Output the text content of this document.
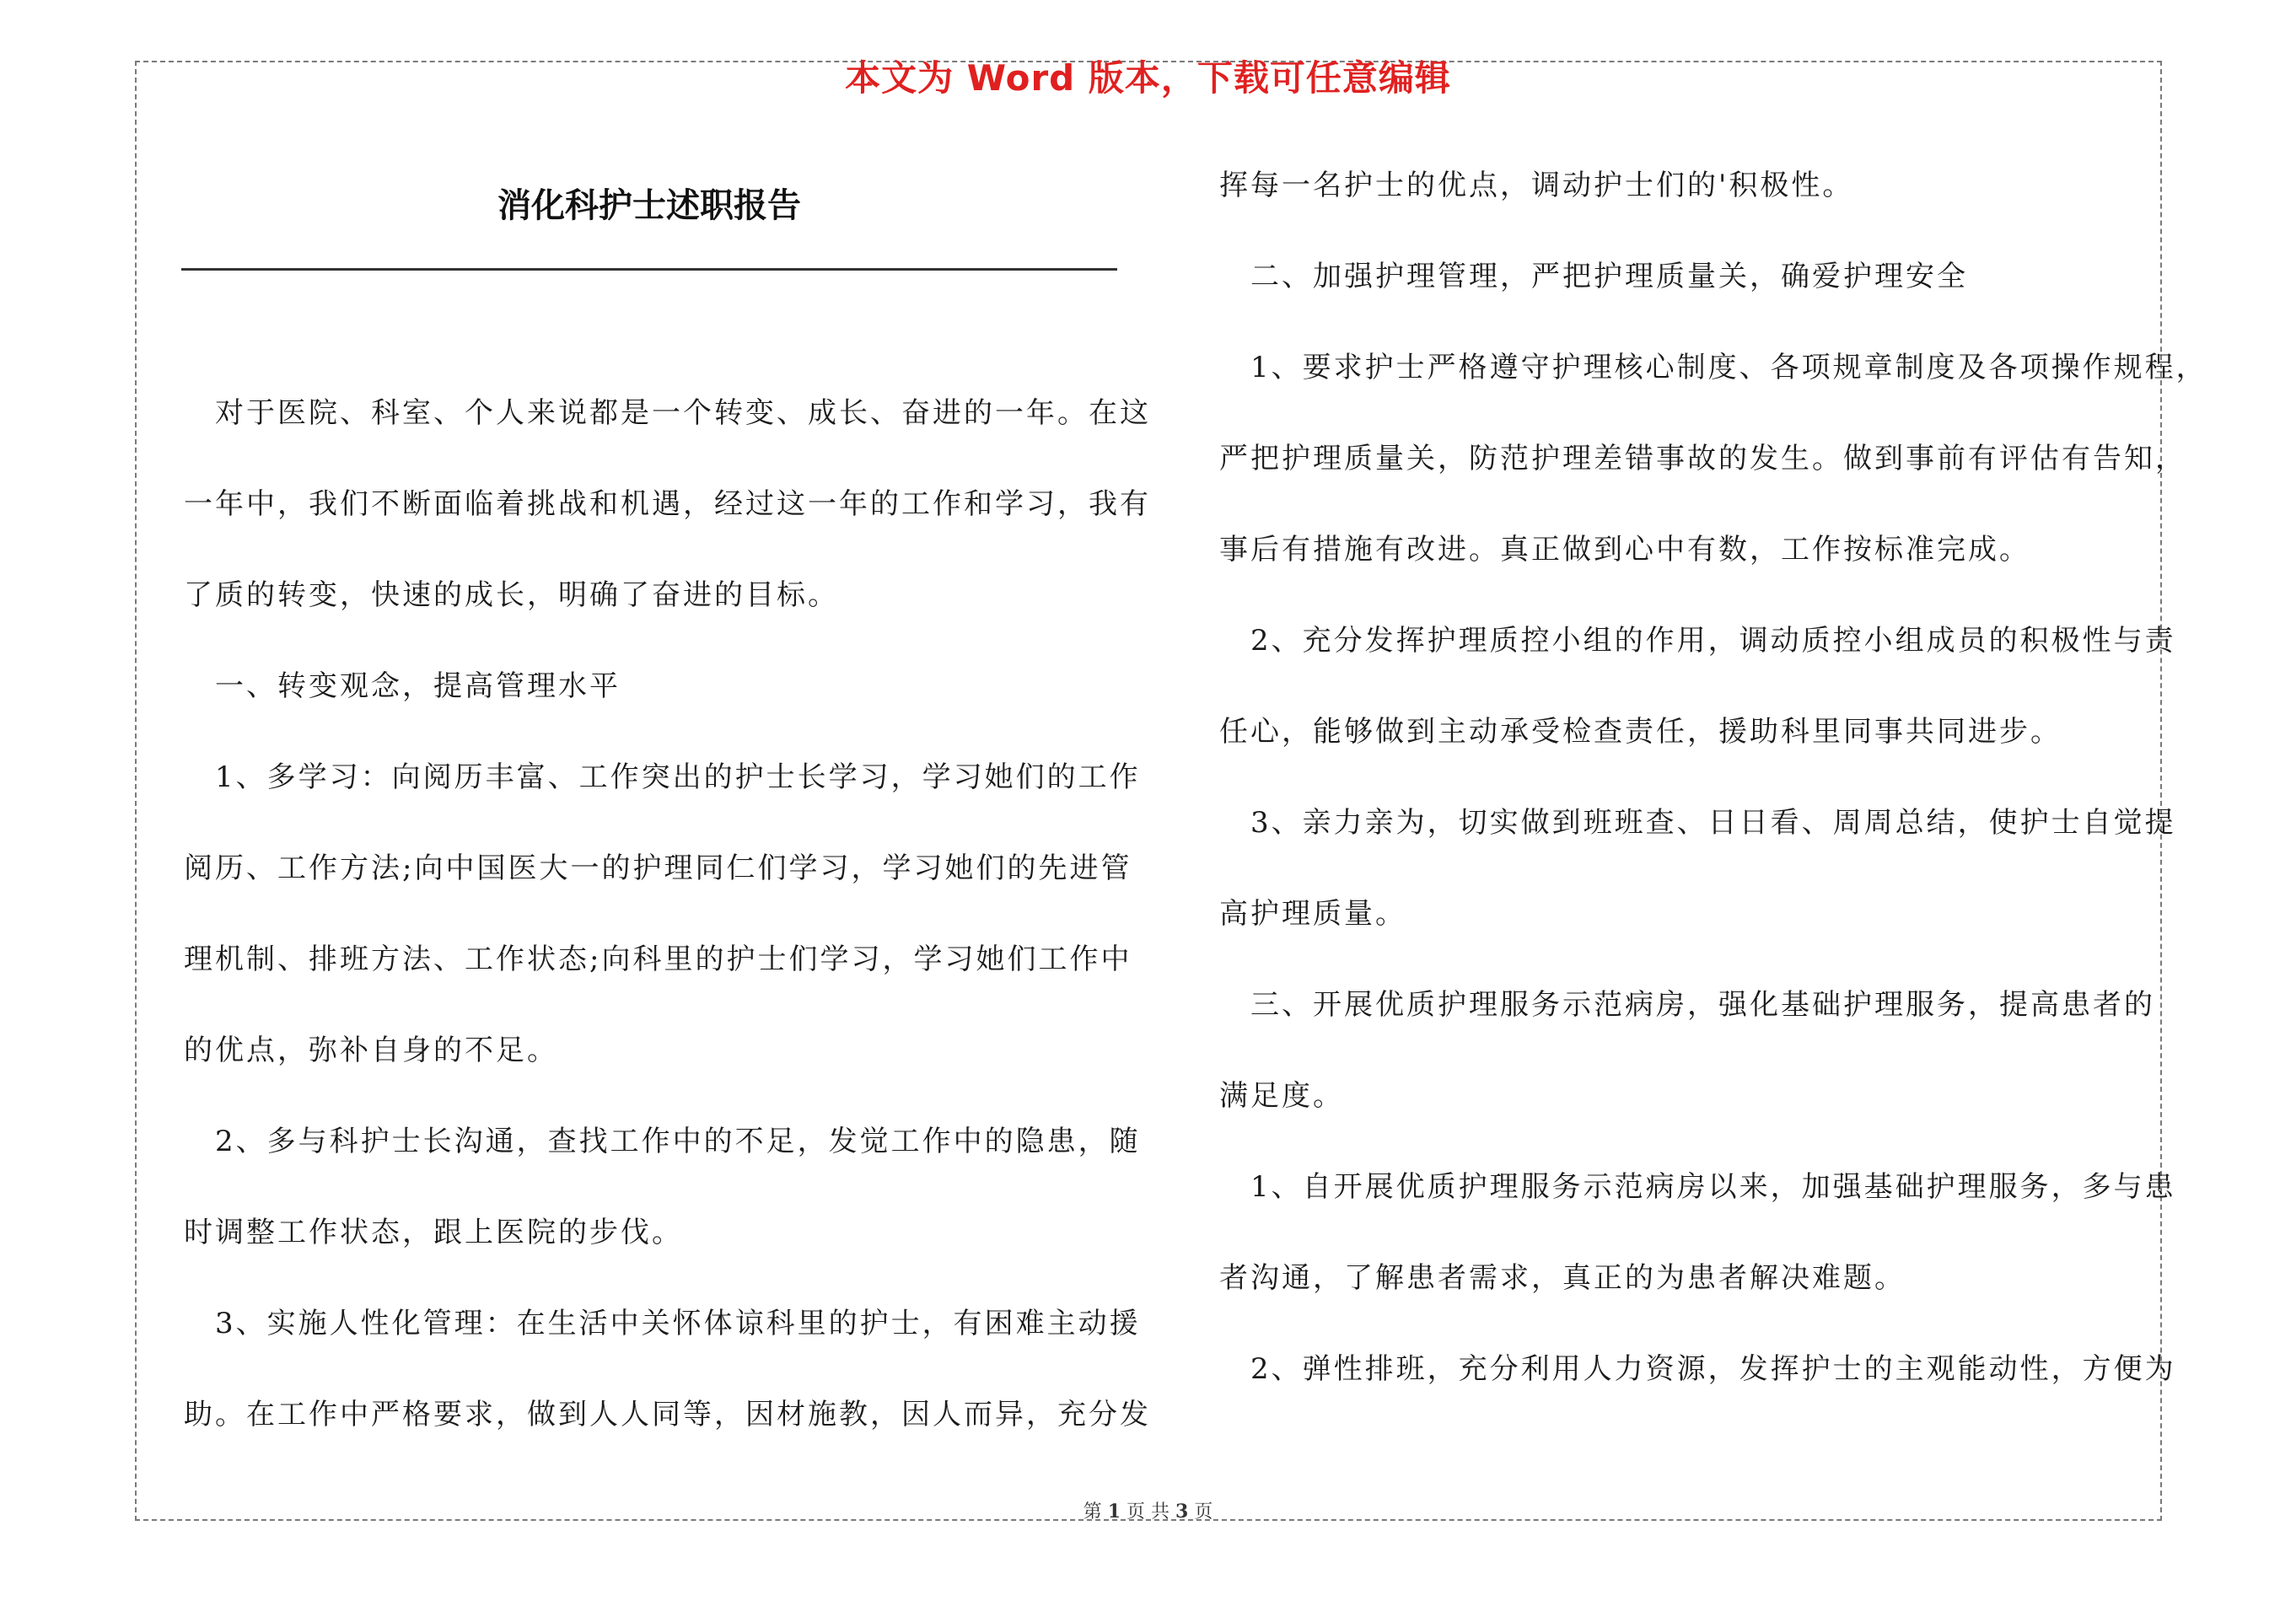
本文为 Word 版本，下载可任意编辑
消化科护士述职报告
　对于医院、科室、个人来说都是一个转变、成长、奋进的一年。在这
一年中，我们不断面临着挑战和机遇，经过这一年的工作和学习，我有
了质的转变，快速的成长，明确了奋进的目标。
　一、转变观念，提高管理水平
　1、多学习：向阅历丰富、工作突出的护士长学习，学习她们的工作
阅历、工作方法;向中国医大一的护理同仁们学习，学习她们的先进管
理机制、排班方法、工作状态;向科里的护士们学习，学习她们工作中
的优点，弥补自身的不足。
　2、多与科护士长沟通，查找工作中的不足，发觉工作中的隐患，随
时调整工作状态，跟上医院的步伐。
　3、实施人性化管理：在生活中关怀体谅科里的护士，有困难主动援
助。在工作中严格要求，做到人人同等，因材施教，因人而异，充分发
挥每一名护士的优点，调动护士们的'积极性。
　二、加强护理管理，严把护理质量关，确爱护理安全
　1、要求护士严格遵守护理核心制度、各项规章制度及各项操作规程，
严把护理质量关，防范护理差错事故的发生。做到事前有评估有告知，
事后有措施有改进。真正做到心中有数，工作按标准完成。
　2、充分发挥护理质控小组的作用，调动质控小组成员的积极性与责
任心，能够做到主动承受检查责任，援助科里同事共同进步。
　3、亲力亲为，切实做到班班查、日日看、周周总结，使护士自觉提
高护理质量。
　三、开展优质护理服务示范病房，强化基础护理服务，提高患者的
满足度。
　1、自开展优质护理服务示范病房以来，加强基础护理服务，多与患
者沟通，了解患者需求，真正的为患者解决难题。
　2、弹性排班，充分利用人力资源，发挥护士的主观能动性，方便为
第 1 页 共 3 页
